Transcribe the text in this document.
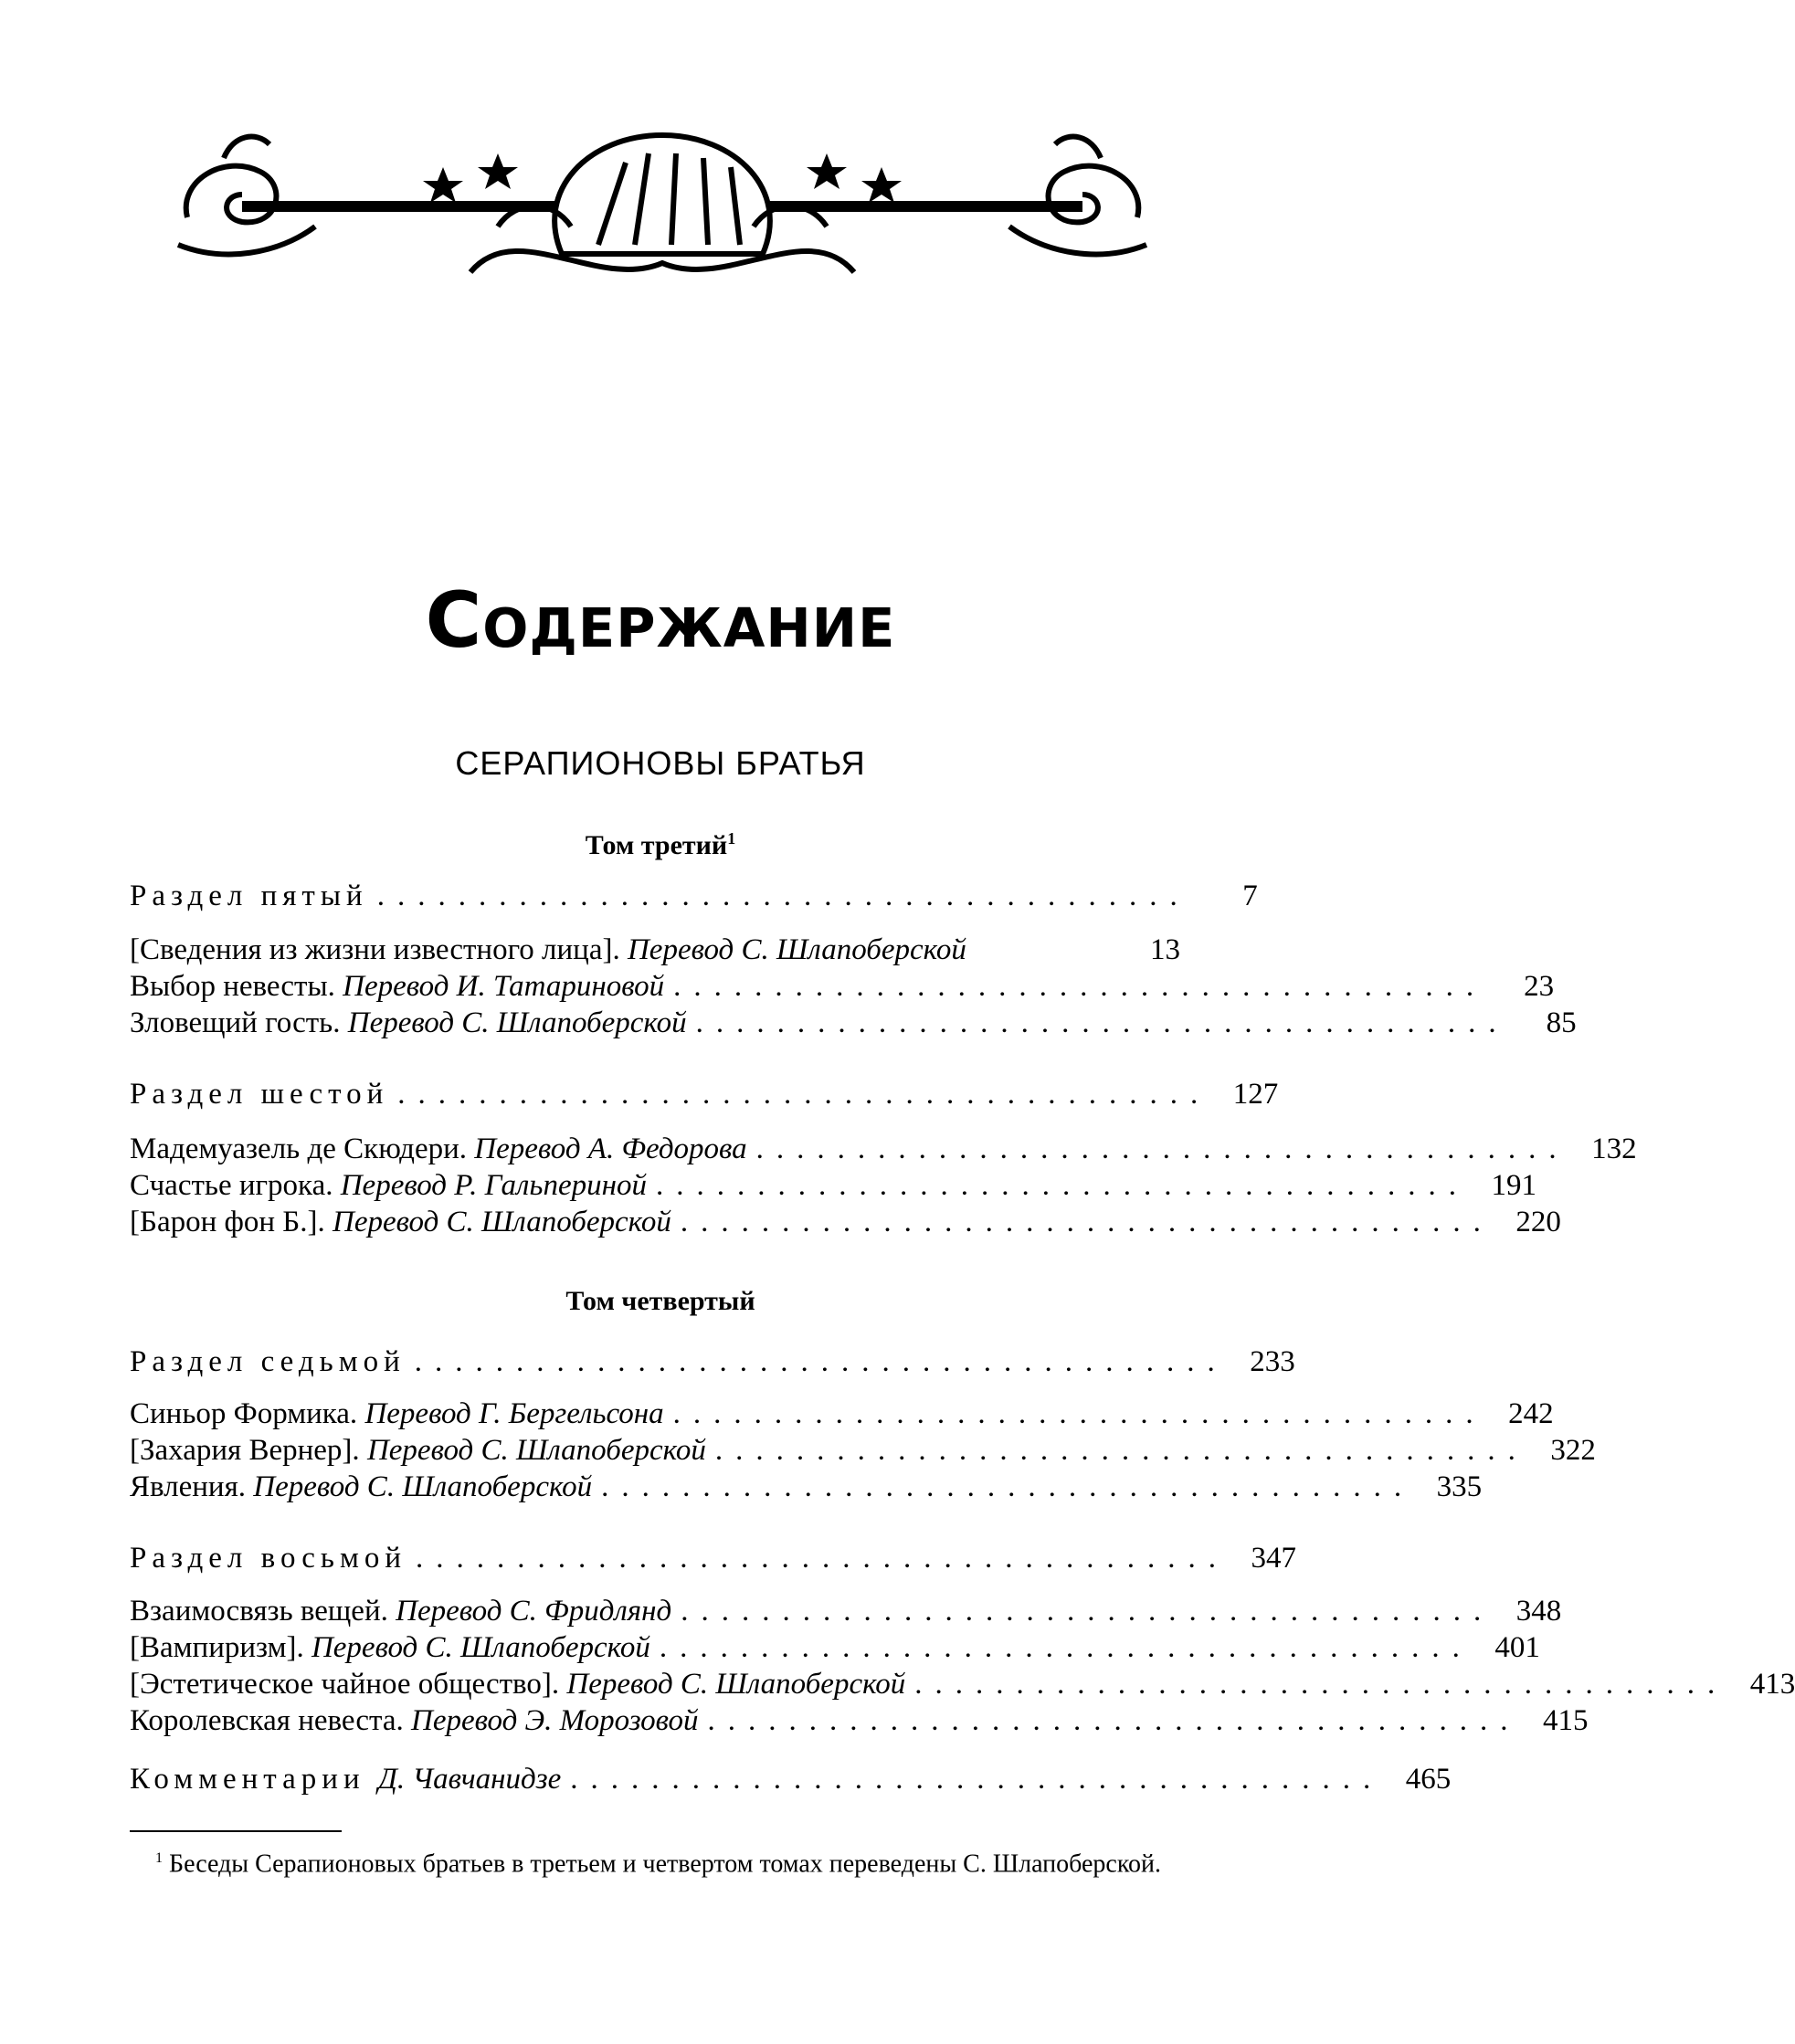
Содержание
СЕРАПИОНОВЫ БРАТЬЯ
Том третий$^1$
Раздел пятый ........................................	7
[Сведения из жизни известного лица]. Перевод С. Шлапоберской	13
Выбор невесты. Перевод И. Татариновой ........................................	23
Зловещий гость. Перевод С. Шлапоберской ........................................	85
Раздел шестой ........................................ 127
Мадемуазель де Скюдери. Перевод А. Федорова ........................................ 132
Счастье игрока. Перевод Р. Гальпериной ........................................ 191
[Барон фон Б.]. Перевод С. Шлапоберской ........................................ 220
Том четвертый
Раздел седьмой ........................................ 233
Синьор Формика. Перевод Г. Бергельсона ........................................ 242
[Захария Вернер]. Перевод С. Шлапоберской ........................................ 322
Явления. Перевод С. Шлапоберской ........................................ 335
Раздел восьмой ........................................ 347
Взаимосвязь вещей. Перевод С. Фридлянд ........................................ 348
[Вампиризм]. Перевод С. Шлапоберской ........................................ 401
[Эстетическое чайное общество]. Перевод С. Шлапоберской ........................................ 413
Королевская невеста. Перевод Э. Морозовой ........................................ 415
Комментарии Д. Чавчанидзе ........................................ 465
$^1$ Беседы Серапионовых братьев в третьем и четвертом томах переведены С. Шлапоберской.
